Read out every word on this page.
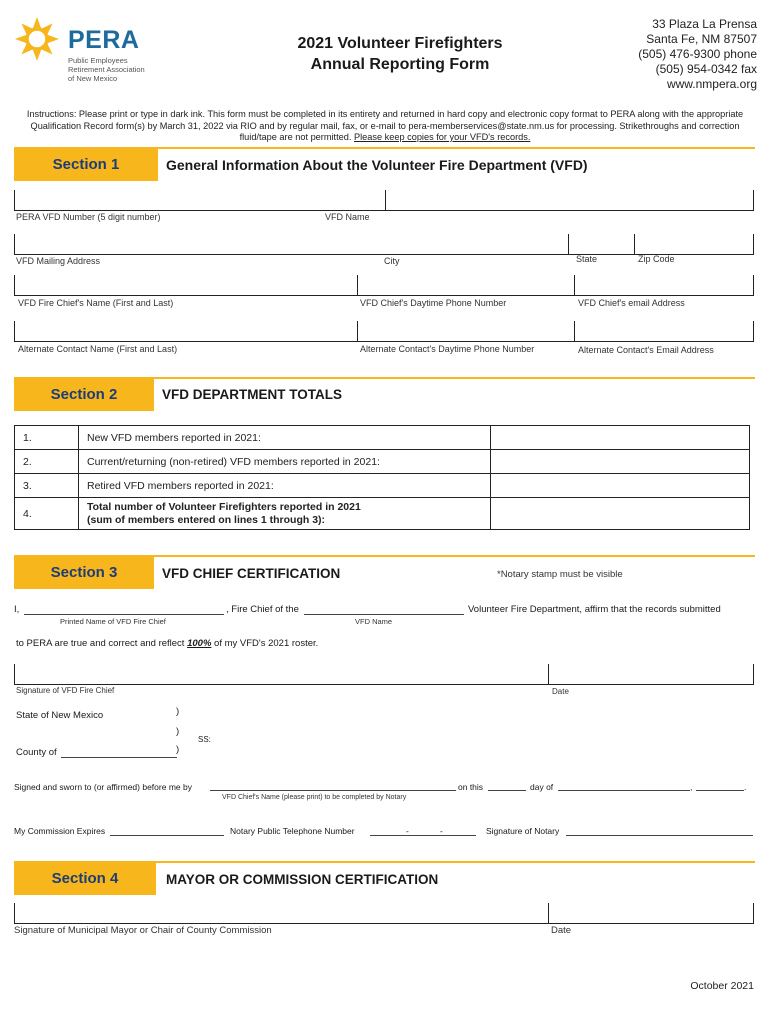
PERA
Public Employees
Retirement Association
of New Mexico
2021 Volunteer Firefighters
Annual Reporting Form
33 Plaza La Prensa
Santa Fe, NM 87507
(505) 476-9300 phone
(505) 954-0342 fax
www.nmpera.org
Instructions: Please print or type in dark ink. This form must be completed in its entirety and returned in hard copy and electronic copy format to PERA along with the appropriate Qualification Record form(s) by March 31, 2022 via RIO and by regular mail, fax, or e-mail to pera-memberservices@state.nm.us for processing. Strikethroughs and correction fluid/tape are not permitted. Please keep copies for your VFD's records.
Section 1	General Information About the Volunteer Fire Department (VFD)
PERA VFD Number (5 digit number)	VFD Name
VFD Mailing Address	City	State	Zip Code
VFD Fire Chief's Name (First and Last)	VFD Chief's Daytime Phone Number	VFD Chief's email Address
Alternate Contact Name (First and Last)	Alternate Contact's Daytime Phone Number	Alternate Contact's Email Address
Section 2	VFD DEPARTMENT TOTALS
1.	New VFD members reported in 2021:	
2.	Current/returning (non-retired) VFD members reported in 2021:	
3.	Retired VFD members reported in 2021:	
4.	Total number of Volunteer Firefighters reported in 2021
(sum of members entered on lines 1 through 3):	

Section 3	VFD CHIEF CERTIFICATION	*Notary stamp must be visible
I,	, Fire Chief of the	Volunteer Fire Department, affirm that the records submitted
Printed Name of VFD Fire Chief	VFD Name
to PERA are true and correct and reflect 100% of my VFD's 2021 roster.
Signature of VFD Fire Chief	Date
State of New Mexico	)
)
SS:
County of	)
Signed and sworn to (or affirmed) before me by	on this	day of	,	.
VFD Chief's Name (please print) to be completed by Notary
My Commission Expires	Notary Public Telephone Number	-	-	Signature of Notary
Section 4	MAYOR OR COMMISSION CERTIFICATION
Signature of Municipal Mayor or Chair of County Commission	Date
October 2021
